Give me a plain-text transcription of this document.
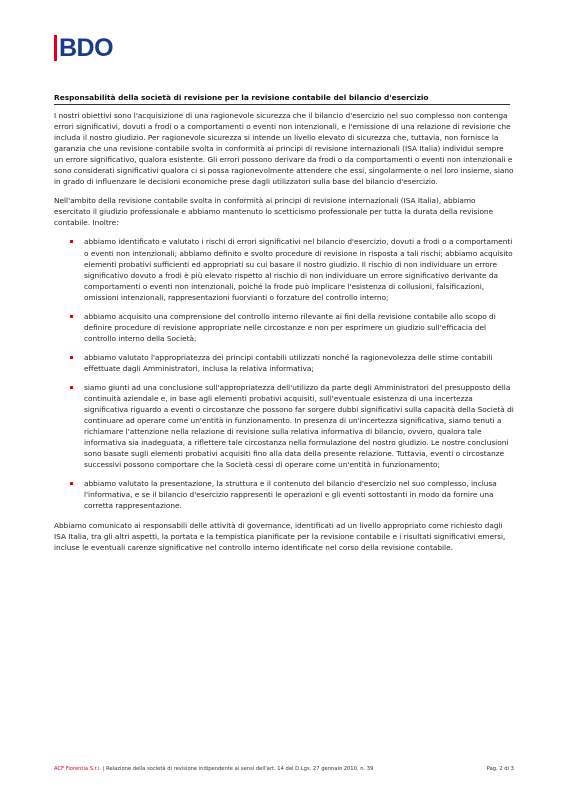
BDO
Responsabilità della società di revisione per la revisione contabile del bilancio d'esercizio

I nostri obiettivi sono l'acquisizione di una ragionevole sicurezza che il bilancio d'esercizio nel suo complesso non contenga errori significativi, dovuti a frodi o a comportamenti o eventi non intenzionali, e l'emissione di una relazione di revisione che includa il nostro giudizio. Per ragionevole sicurezza si intende un livello elevato di sicurezza che, tuttavia, non fornisce la garanzia che una revisione contabile svolta in conformità ai principi di revisione internazionali (ISA Italia) individui sempre un errore significativo, qualora esistente. Gli errori possono derivare da frodi o da comportamenti o eventi non intenzionali e sono considerati significativi qualora ci si possa ragionevolmente attendere che essi, singolarmente o nel loro insieme, siano in grado di influenzare le decisioni economiche prese dagli utilizzatori sulla base del bilancio d'esercizio.

Nell'ambito della revisione contabile svolta in conformità ai principi di revisione internazionali (ISA Italia), abbiamo esercitato il giudizio professionale e abbiamo mantenuto lo scetticismo professionale per tutta la durata della revisione contabile. Inoltre:

abbiamo identificato e valutato i rischi di errori significativi nel bilancio d'esercizio, dovuti a frodi o a comportamenti o eventi non intenzionali; abbiamo definito e svolto procedure di revisione in risposta a tali rischi; abbiamo acquisito elementi probativi sufficienti ed appropriati su cui basare il nostro giudizio. Il rischio di non individuare un errore significativo dovuto a frodi è più elevato rispetto al rischio di non individuare un errore significativo derivante da comportamenti o eventi non intenzionali, poiché la frode può implicare l'esistenza di collusioni, falsificazioni, omissioni intenzionali, rappresentazioni fuorvianti o forzature del controllo interno;
abbiamo acquisito una comprensione del controllo interno rilevante ai fini della revisione contabile allo scopo di definire procedure di revisione appropriate nelle circostanze e non per esprimere un giudizio sull'efficacia del controllo interno della Società;
abbiamo valutato l'appropriatezza dei principi contabili utilizzati nonché la ragionevolezza delle stime contabili effettuate dagli Amministratori, inclusa la relativa informativa;
siamo giunti ad una conclusione sull'appropriatezza dell'utilizzo da parte degli Amministratori del presupposto della continuità aziendale e, in base agli elementi probativi acquisiti, sull'eventuale esistenza di una incertezza significativa riguardo a eventi o circostanze che possono far sorgere dubbi significativi sulla capacità della Società di continuare ad operare come un'entità in funzionamento. In presenza di un'incertezza significativa, siamo tenuti a richiamare l'attenzione nella relazione di revisione sulla relativa informativa di bilancio, ovvero, qualora tale informativa sia inadeguata, a riflettere tale circostanza nella formulazione del nostro giudizio. Le nostre conclusioni sono basate sugli elementi probativi acquisiti fino alla data della presente relazione. Tuttavia, eventi o circostanze successivi possono comportare che la Società cessi di operare come un'entità in funzionamento;
abbiamo valutato la presentazione, la struttura e il contenuto del bilancio d'esercizio nel suo complesso, inclusa l'informativa, e se il bilancio d'esercizio rappresenti le operazioni e gli eventi sottostanti in modo da fornire una corretta rappresentazione.

Abbiamo comunicato ai responsabili delle attività di governance, identificati ad un livello appropriato come richiesto dagli ISA Italia, tra gli altri aspetti, la portata e la tempistica pianificate per la revisione contabile e i risultati significativi emersi, incluse le eventuali carenze significative nel controllo interno identificate nel corso della revisione contabile.

ACF Fiorentia S.r.l. | Relazione della società di revisione indipendente ai sensi dell'art. 14 del D.Lgs. 27 gennaio 2010, n. 39	Pag. 2 di 3
